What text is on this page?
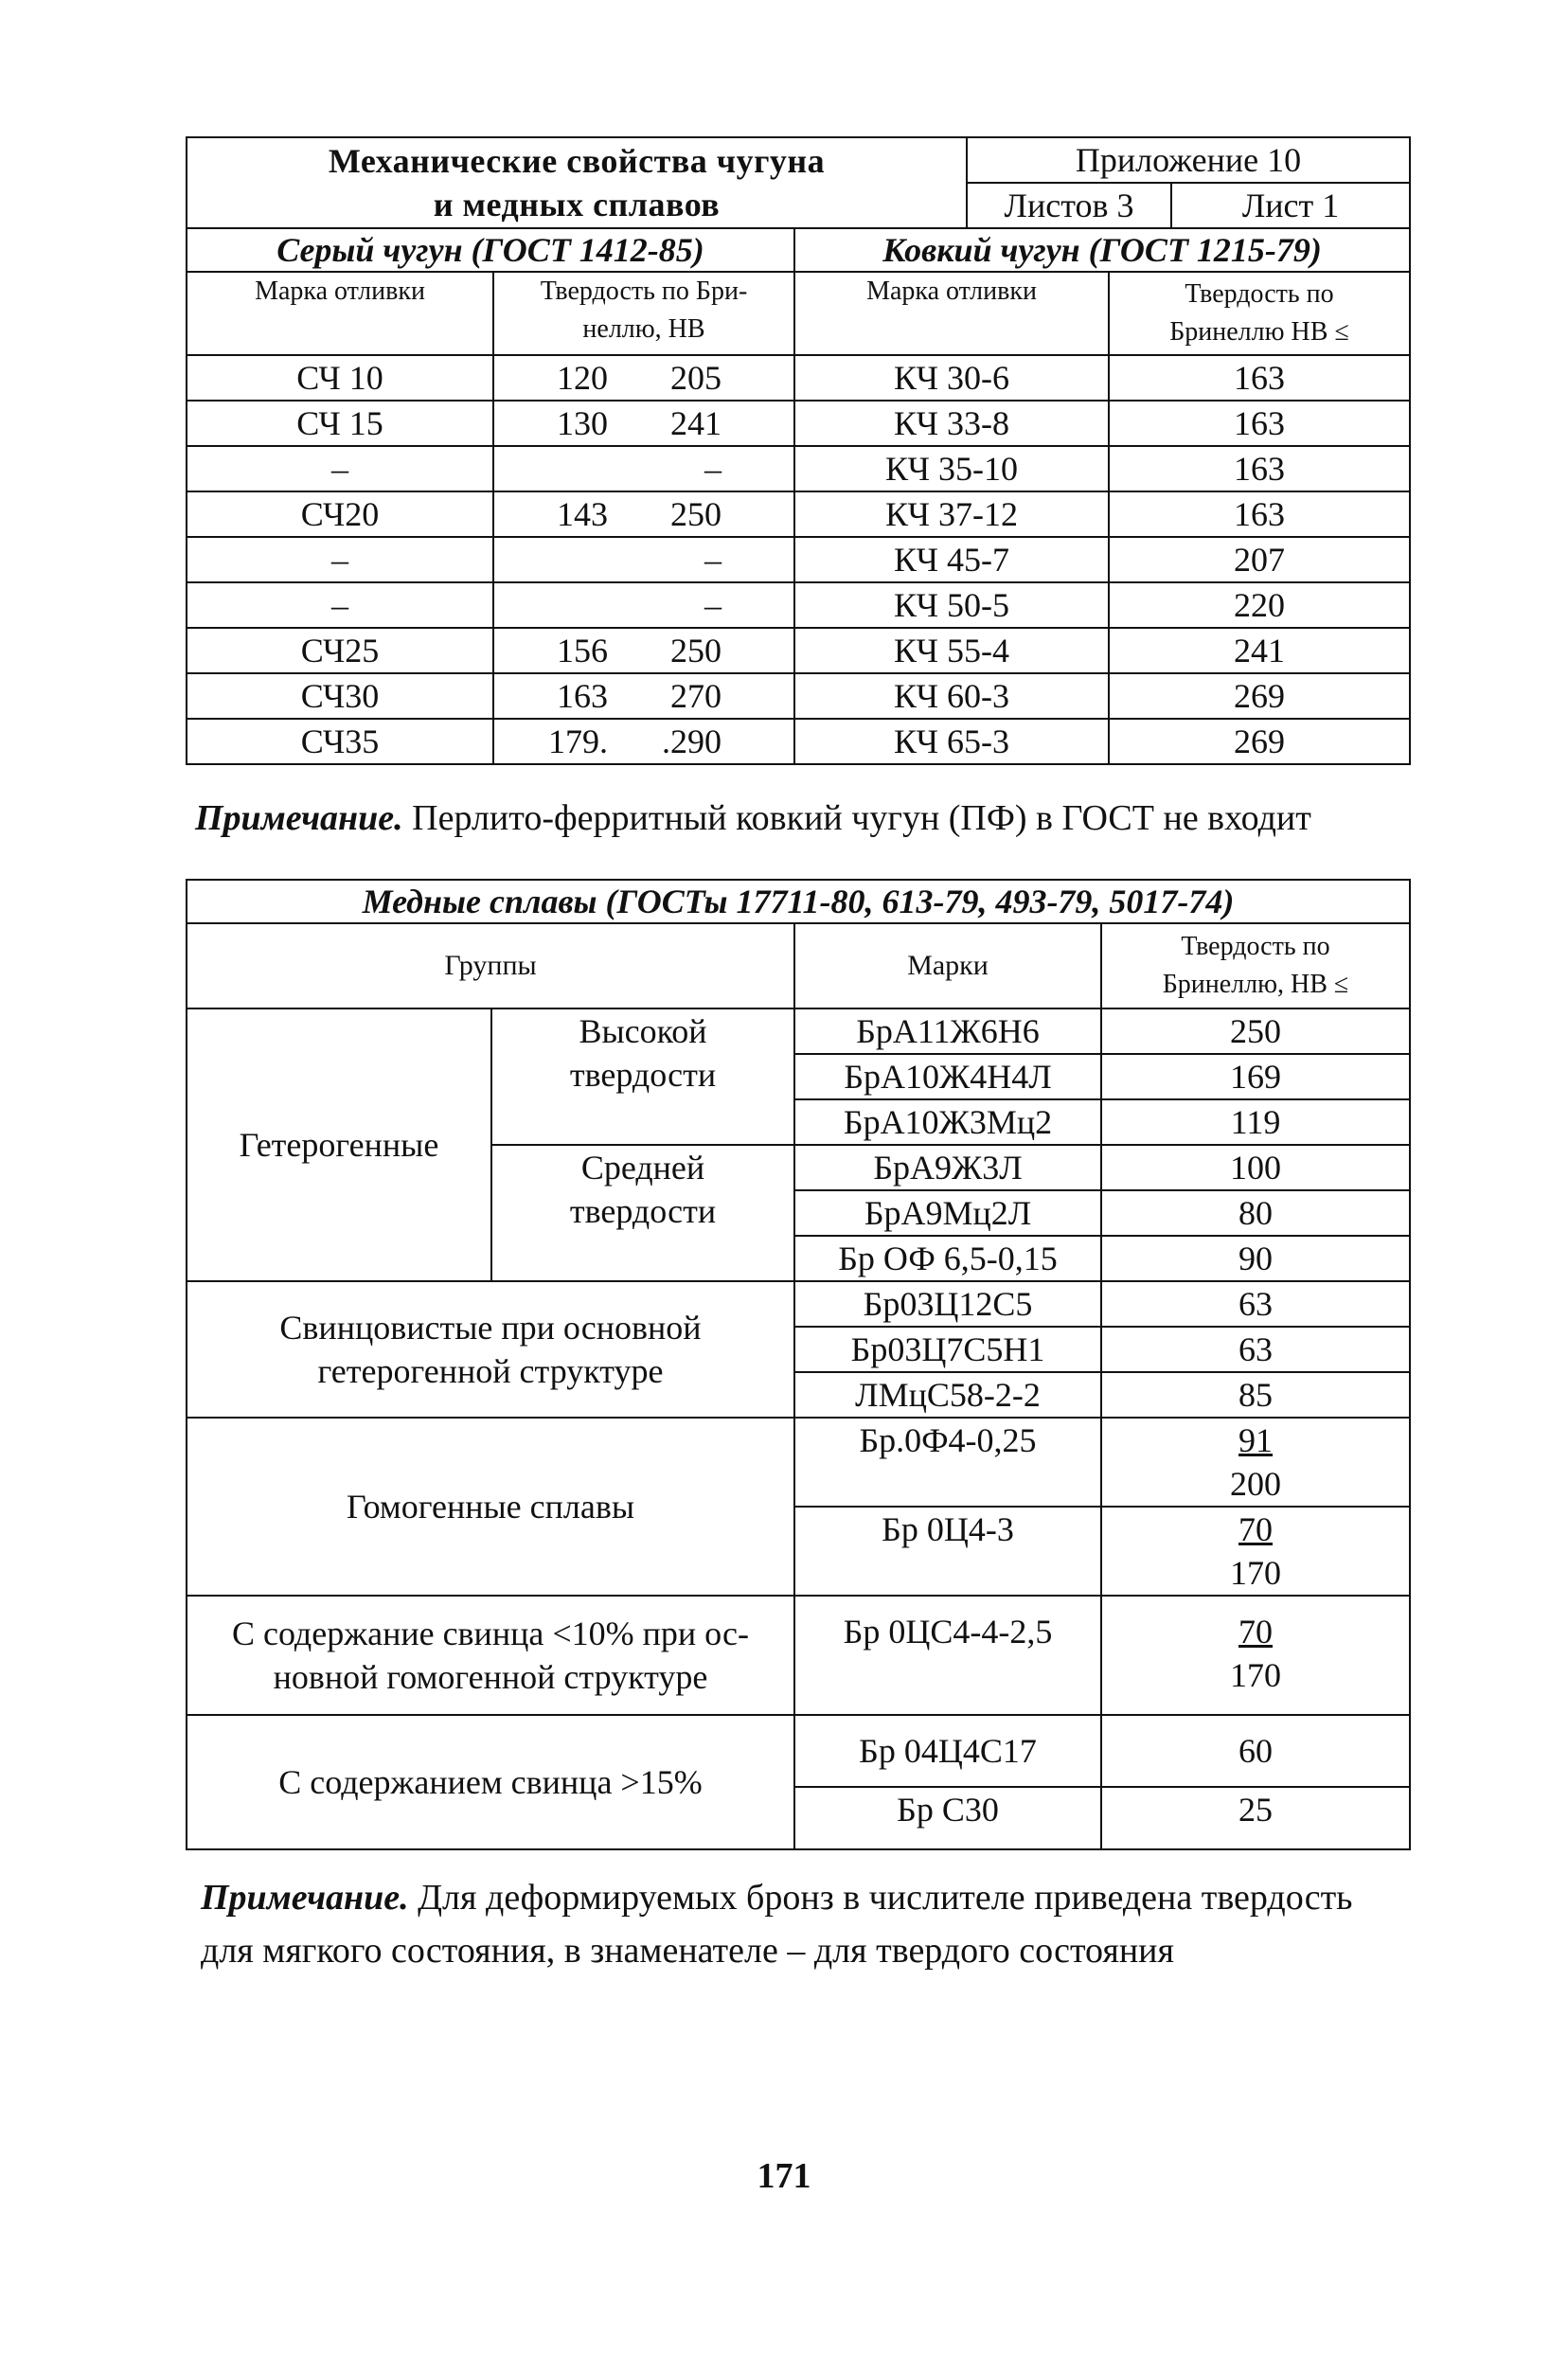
Механические свойства чугуна
и медных сплавов			Приложение 10		
			Листов 3		Лист 1
Серый чугун (ГОСТ 1412-85)		Ковкий чугун (ГОСТ 1215-79)			
Марка отливки	Твердость по Бри-неллю, НВ	Марка отливки		Твердость по Бринеллю НВ ≤	
СЧ 10	120 205	КЧ 30-6		163	
СЧ 15	130 241	КЧ 33-8		163	
–	–	КЧ 35-10		163	
СЧ20	143 250	КЧ 37-12		163	
–	–	КЧ 45-7		207	
–	–	КЧ 50-5		220	
СЧ25	156 250	КЧ 55-4		241	
СЧ30	163 270	КЧ 60-3		269	
СЧ35	179. .290	КЧ 65-3		269	
Примечание. Перлито-ферритный ковкий чугун (ПФ) в ГОСТ не входит
Медные сплавы (ГОСТы 17711-80, 613-79, 493-79, 5017-74)			
Группы		Марки	Твердость по Бринеллю, НВ ≤
Гетерогенные	Высокой твердости	БрА11Ж6Н6	250
		БрА10Ж4Н4Л	169
		БрА10Ж3Мц2	119
	Средней твердости	БрА9Ж3Л	100
		БрА9Мц2Л	80
		Бр ОФ 6,5-0,15	90
Свинцовистые при основной гетерогенной структуре		Бр03Ц12С5	63
		Бр03Ц7С5Н1	63
		ЛМцС58-2-2	85
Гомогенные сплавы		Бр.0Ф4-0,25	$\frac{91}{200}$

		Бр 0Ц4-3	$\frac{70}{170}$

С содержание свинца <10% при ос-новной гомогенной структуре		Бр 0ЦС4-4-2,5	$\frac{70}{170}$

С содержанием свинца >15%		Бр 04Ц4С17	60
		Бр С30	25
Примечание. Для деформируемых бронз в числителе приведена твердость
для мягкого состояния, в знаменателе – для твердого состояния
171
